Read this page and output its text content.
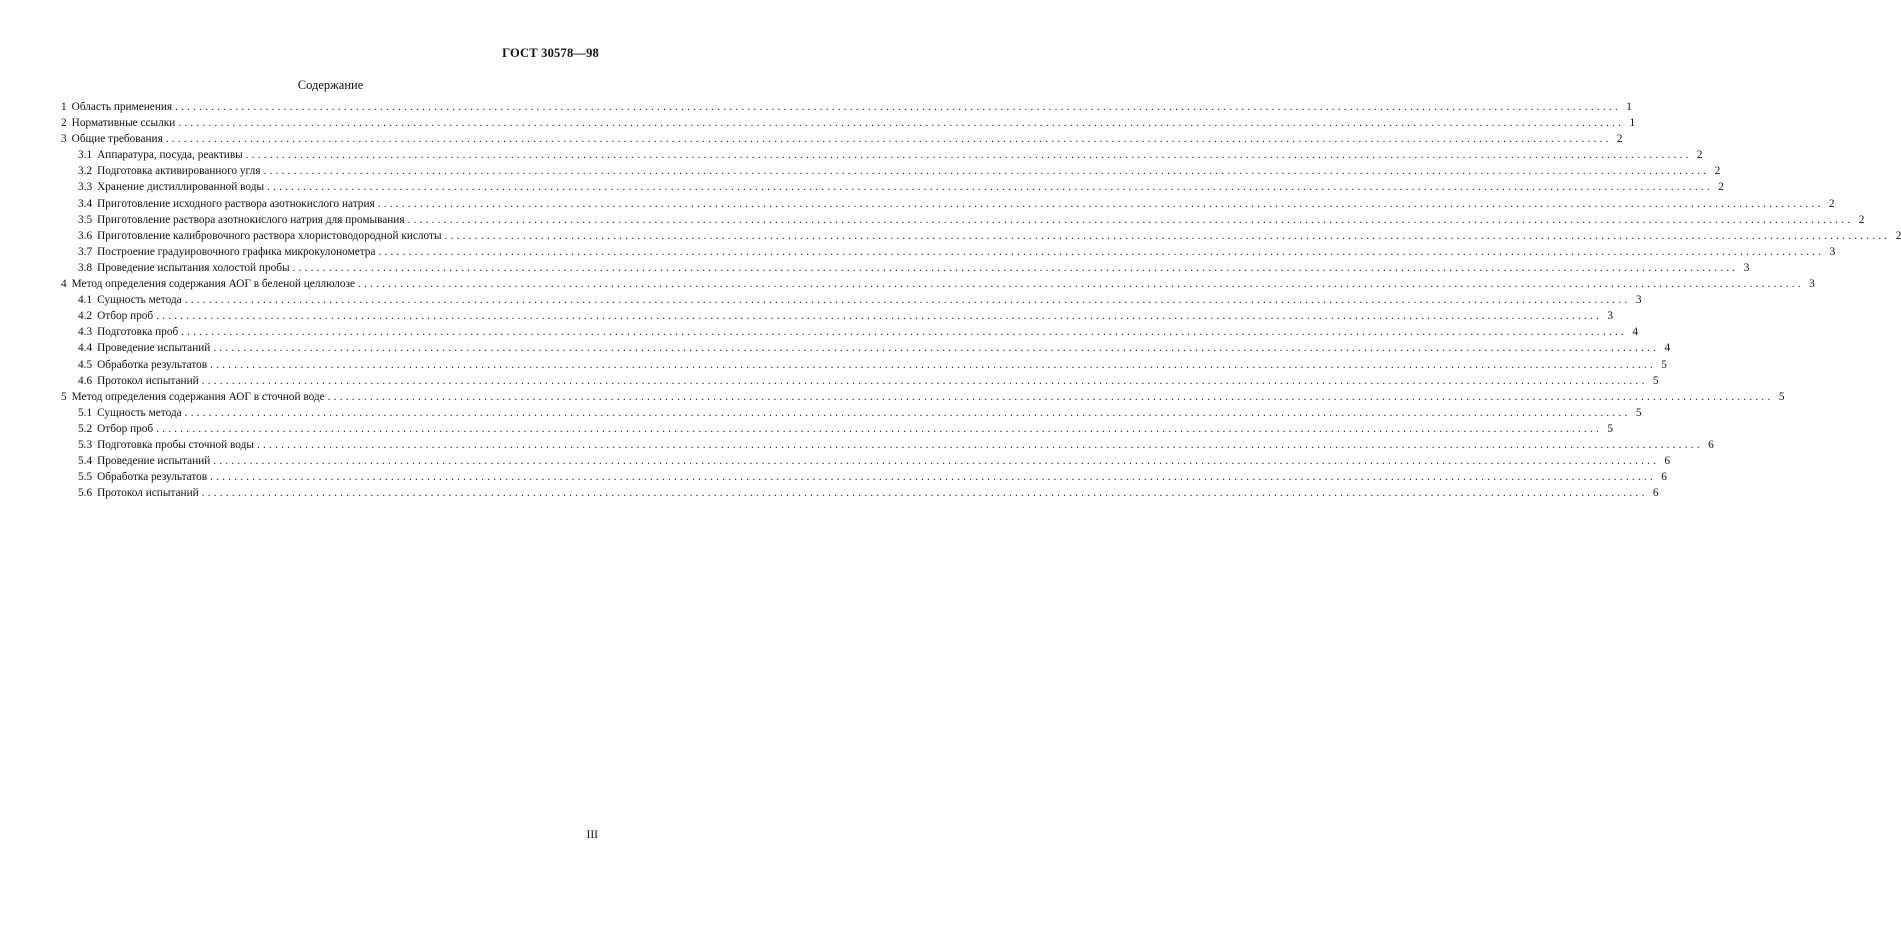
ГОСТ 30578—98
Содержание
1 Область применения .....	1
2 Нормативные ссылки .....	1
3 Общие требования .....	2
3.1 Аппаратура, посуда, реактивы .....	2
3.2 Подготовка активированного угля .....	2
3.3 Хранение дистиллированной воды .....	2
3.4 Приготовление исходного раствора азотнокислого натрия .....	2
3.5 Приготовление раствора азотнокислого натрия для промывания .....	2
3.6 Приготовление калибровочного раствора хлористоводородной кислоты .....	2
3.7 Построение градуировочного графика микрокулонометра .....	3
3.8 Проведение испытания холостой пробы .....	3
4 Метод определения содержания АОГ в беленой целлюлозе .....	3
4.1 Сущность метода .....	3
4.2 Отбор проб .....	3
4.3 Подготовка проб .....	4
4.4 Проведение испытаний .....	4
4.5 Обработка результатов .....	5
4.6 Протокол испытаний .....	5
5 Метод определения содержания АОГ в сточной воде .....	5
5.1 Сущность метода .....	5
5.2 Отбор проб .....	5
5.3 Подготовка пробы сточной воды .....	6
5.4 Проведение испытаний .....	6
5.5 Обработка результатов .....	6
5.6 Протокол испытаний .....	6
III
